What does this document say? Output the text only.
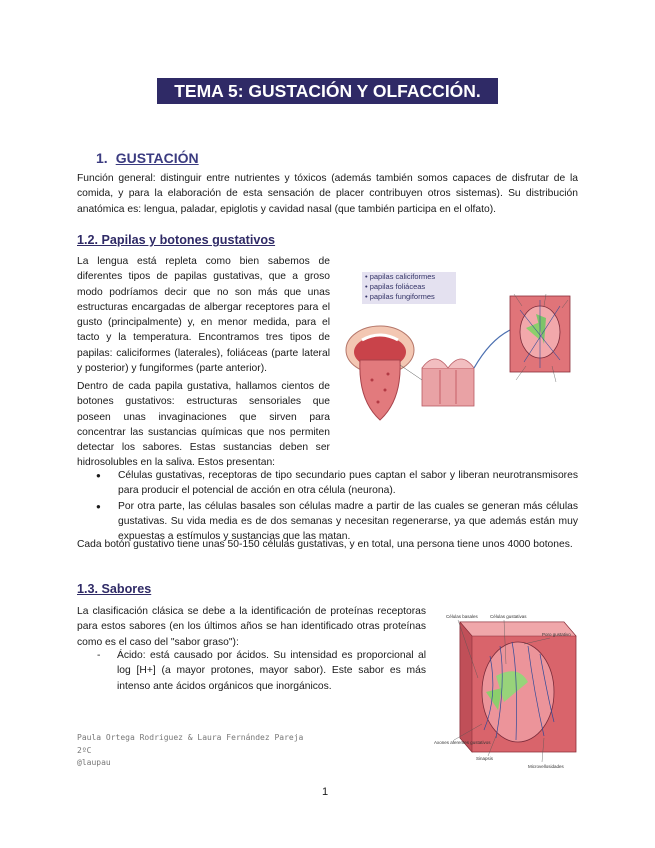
TEMA 5: GUSTACIÓN Y OLFACCIÓN.
1. GUSTACIÓN
Función general: distinguir entre nutrientes y tóxicos (además también somos capaces de disfrutar de la comida, y para la elaboración de esta sensación de placer contribuyen otros sistemas). Su distribución anatómica es: lengua, paladar, epiglotis y cavidad nasal (que también participa en el olfato).
1.2. Papilas y botones gustativos
La lengua está repleta como bien sabemos de diferentes tipos de papilas gustativas, que a groso modo podríamos decir que no son más que unas estructuras encargadas de albergar receptores para el gusto (principalmente) y, en menor medida, para el tacto y la temperatura. Encontramos tres tipos de papilas: caliciformes (laterales), foliáceas (parte lateral y posterior) y fungiformes (parte anterior).
Dentro de cada papila gustativa, hallamos cientos de botones gustativos: estructuras sensoriales que poseen unas invaginaciones que sirven para concentrar las sustancias químicas que nos permiten detectar los sabores. Estas sustancias deben ser hidrosolubles en la saliva. Estos presentan:
• papilas caliciformes
• papilas foliáceas
• papilas fungiformes
● Células gustativas, receptoras de tipo secundario pues captan el sabor y liberan neurotransmisores para producir el potencial de acción en otra célula (neurona).
● Por otra parte, las células basales son células madre a partir de las cuales se generan más células gustativas. Su vida media es de dos semanas y necesitan regenerarse, ya que además están muy expuestas a estímulos y sustancias que las matan.
Cada botón gustativo tiene unas 50-150 células gustativas, y en total, una persona tiene unos 4000 botones.
1.3. Sabores
La clasificación clásica se debe a la identificación de proteínas receptoras para estos sabores (en los últimos años se han identificado otras proteínas como es el caso del "sabor graso"):
- Ácido: está causado por ácidos. Su intensidad es proporcional al log [H+] (a mayor protones, mayor sabor). Este sabor es más intenso ante ácidos orgánicos que inorgánicos.
Células basales	Células gustativas
Poro gustativo
Axones aferentes gustativos
Sinapsis
Microvellosidades
Paula Ortega Rodriguez & Laura Fernández Pareja
2ºC
@laupau
1
